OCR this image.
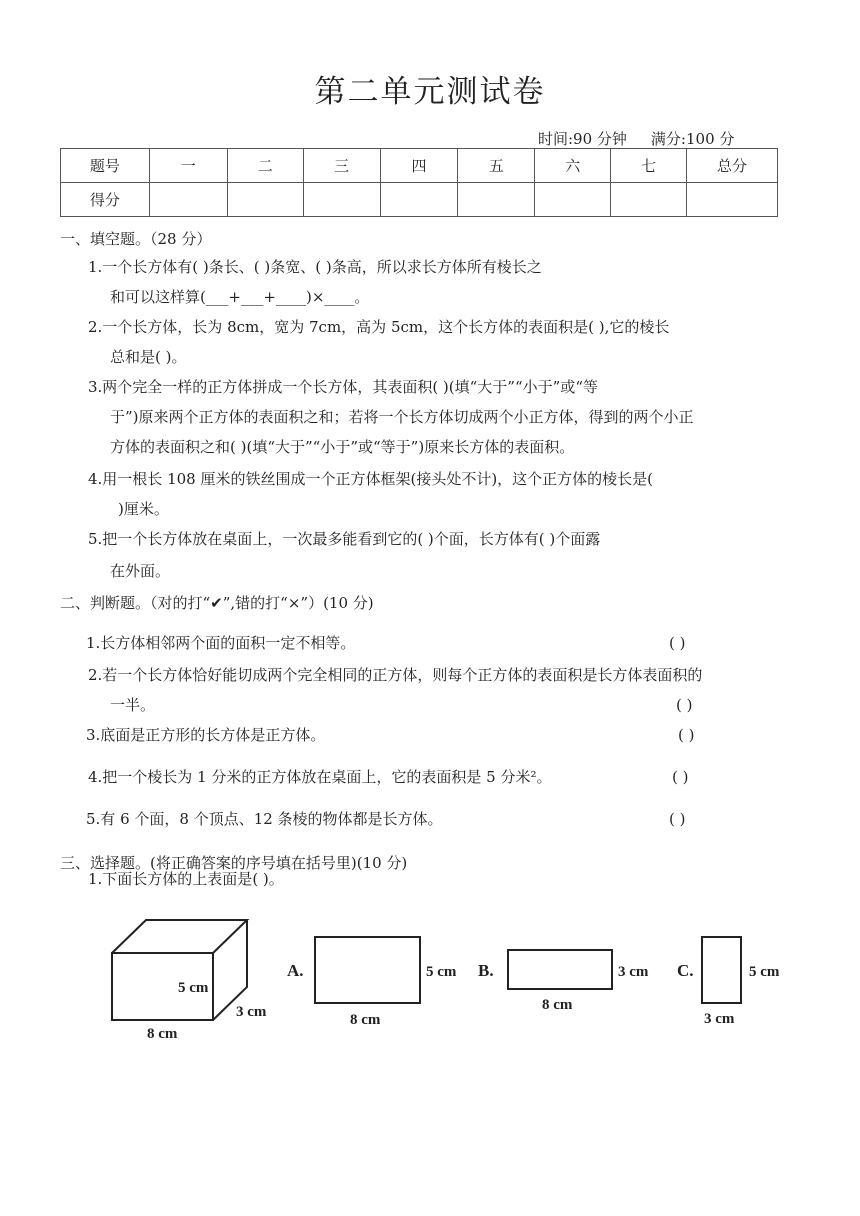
第二单元测试卷
时间:90 分钟 满分:100 分
题号	一	二	三	四	五	六	七	总分
得分								
一、填空题。（28 分）
1.一个长方体有( )条长、( )条宽、( )条高，所以求长方体所有棱长之
和可以这样算(___+___+____)×____。
2.一个长方体，长为 8cm，宽为 7cm，高为 5cm，这个长方体的表面积是( ),它的棱长
总和是( )。
3.两个完全一样的正方体拼成一个长方体，其表面积( )(填“大于”“小于”或“等
于”)原来两个正方体的表面积之和；若将一个长方体切成两个小正方体，得到的两个小正
方体的表面积之和( )(填“大于”“小于”或“等于”)原来长方体的表面积。
4.用一根长 108 厘米的铁丝围成一个正方体框架(接头处不计)，这个正方体的棱长是(
)厘米。
5.把一个长方体放在桌面上，一次最多能看到它的( )个面，长方体有( )个面露
在外面。
二、判断题。（对的打“✔”,错的打“×”）(10 分)
1.长方体相邻两个面的面积一定不相等。	( )
2.若一个长方体恰好能切成两个完全相同的正方体，则每个正方体的表面积是长方体表面积的
一半。	( )
3.底面是正方形的长方体是正方体。	( )
4.把一个棱长为 1 分米的正方体放在桌面上，它的表面积是 5 分米²。	( )
5.有 6 个面，8 个顶点、12 条棱的物体都是长方体。	( )
三、选择题。(将正确答案的序号填在括号里)(10 分)
1.下面长方体的上表面是( )。
5 cm
3 cm
8 cm
A.	5 cm
8 cm
B.	3 cm
8 cm
C.	5 cm
3 cm
